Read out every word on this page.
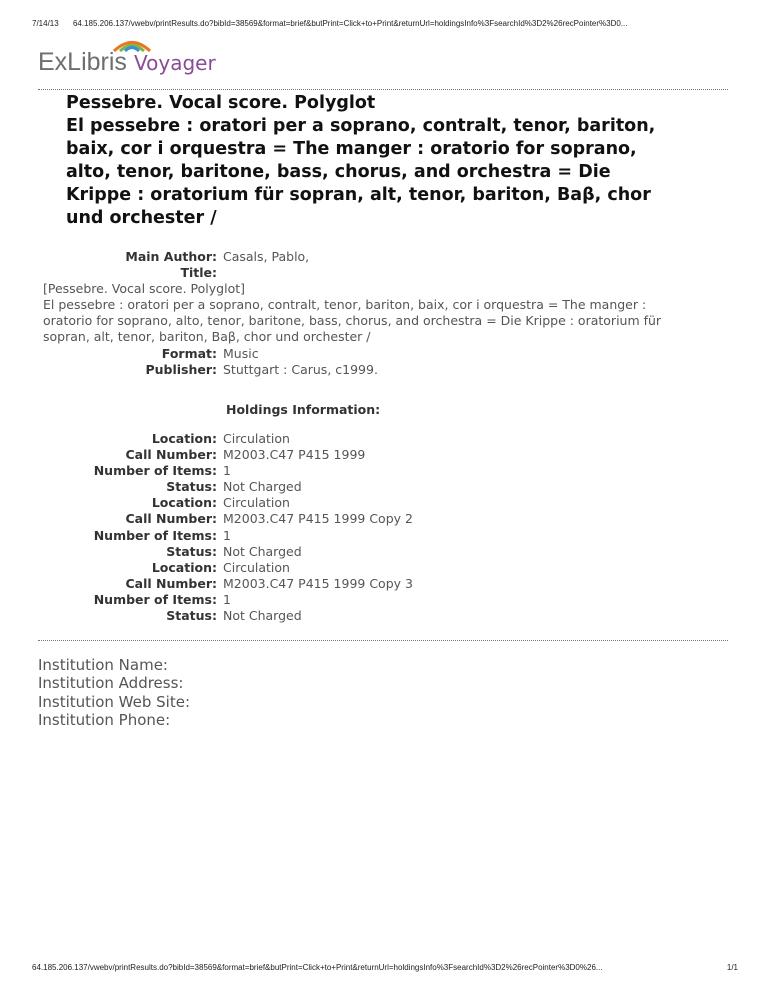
7/14/13 64.185.206.137/vwebv/printResults.do?bibId=38569&format=brief&butPrint=Click+to+Print&returnUrl=holdingsInfo%3FsearchId%3D2%26recPointer%3D0...
ExLibris Voyager
Pessebre. Vocal score. Polyglot
El pessebre : oratori per a soprano, contralt, tenor, bariton,
baix, cor i orquestra = The manger : oratorio for soprano,
alto, tenor, baritone, bass, chorus, and orchestra = Die
Krippe : oratorium für sopran, alt, tenor, bariton, Baβ, chor
und orchester /
Main Author: Casals, Pablo,
Title:
[Pessebre. Vocal score. Polyglot]
El pessebre : oratori per a soprano, contralt, tenor, bariton, baix, cor i orquestra = The manger :
oratorio for soprano, alto, tenor, baritone, bass, chorus, and orchestra = Die Krippe : oratorium für
sopran, alt, tenor, bariton, Baβ, chor und orchester /
Format: Music
Publisher: Stuttgart : Carus, c1999.
Holdings Information:
Location: Circulation
Call Number: M2003.C47 P415 1999
Number of Items: 1
Status: Not Charged
Location: Circulation
Call Number: M2003.C47 P415 1999 Copy 2
Number of Items: 1
Status: Not Charged
Location: Circulation
Call Number: M2003.C47 P415 1999 Copy 3
Number of Items: 1
Status: Not Charged
Institution Name:
Institution Address:
Institution Web Site:
Institution Phone:
64.185.206.137/vwebv/printResults.do?bibId=38569&format=brief&butPrint=Click+to+Print&returnUrl=holdingsInfo%3FsearchId%3D2%26recPointer%3D0%26...	1/1
